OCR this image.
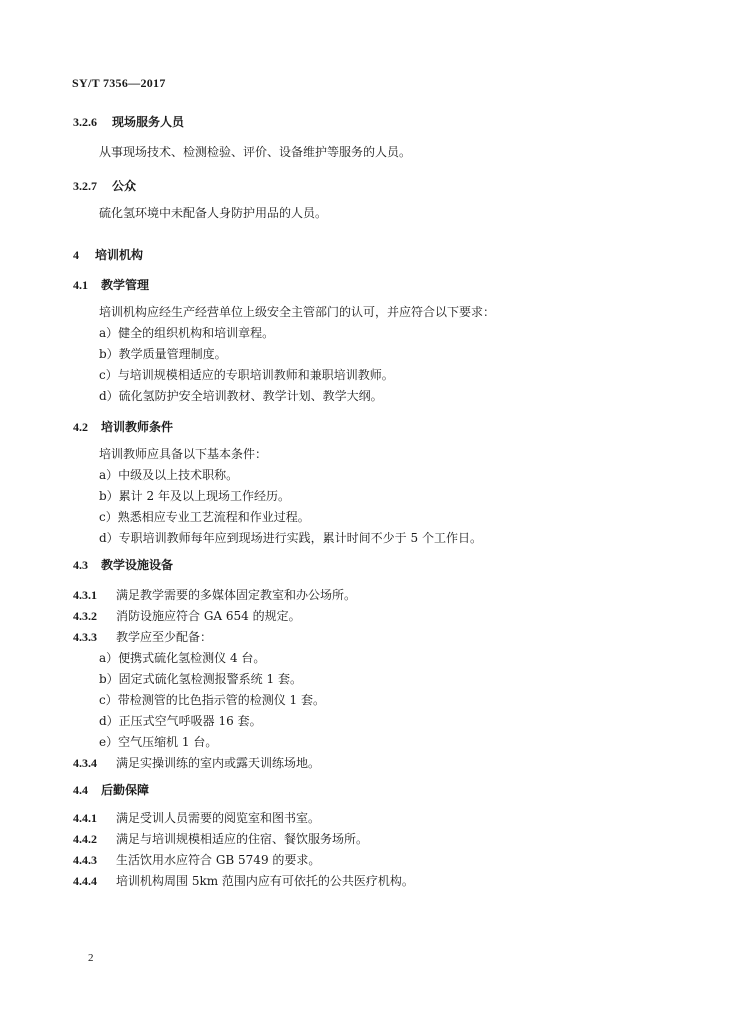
SY/T 7356—2017
3.2.6 现场服务人员
从事现场技术、检测检验、评价、设备维护等服务的人员。
3.2.7 公众
硫化氢环境中未配备人身防护用品的人员。
4 培训机构
4.1 教学管理
培训机构应经生产经营单位上级安全主管部门的认可，并应符合以下要求：
a）健全的组织机构和培训章程。
b）教学质量管理制度。
c）与培训规模相适应的专职培训教师和兼职培训教师。
d）硫化氢防护安全培训教材、教学计划、教学大纲。
4.2 培训教师条件
培训教师应具备以下基本条件：
a）中级及以上技术职称。
b）累计 2 年及以上现场工作经历。
c）熟悉相应专业工艺流程和作业过程。
d）专职培训教师每年应到现场进行实践，累计时间不少于 5 个工作日。
4.3 教学设施设备
4.3.1 满足教学需要的多媒体固定教室和办公场所。
4.3.2 消防设施应符合 GA 654 的规定。
4.3.3 教学应至少配备：
a）便携式硫化氢检测仪 4 台。
b）固定式硫化氢检测报警系统 1 套。
c）带检测管的比色指示管的检测仪 1 套。
d）正压式空气呼吸器 16 套。
e）空气压缩机 1 台。
4.3.4 满足实操训练的室内或露天训练场地。
4.4 后勤保障
4.4.1 满足受训人员需要的阅览室和图书室。
4.4.2 满足与培训规模相适应的住宿、餐饮服务场所。
4.4.3 生活饮用水应符合 GB 5749 的要求。
4.4.4 培训机构周围 5km 范围内应有可依托的公共医疗机构。
2
